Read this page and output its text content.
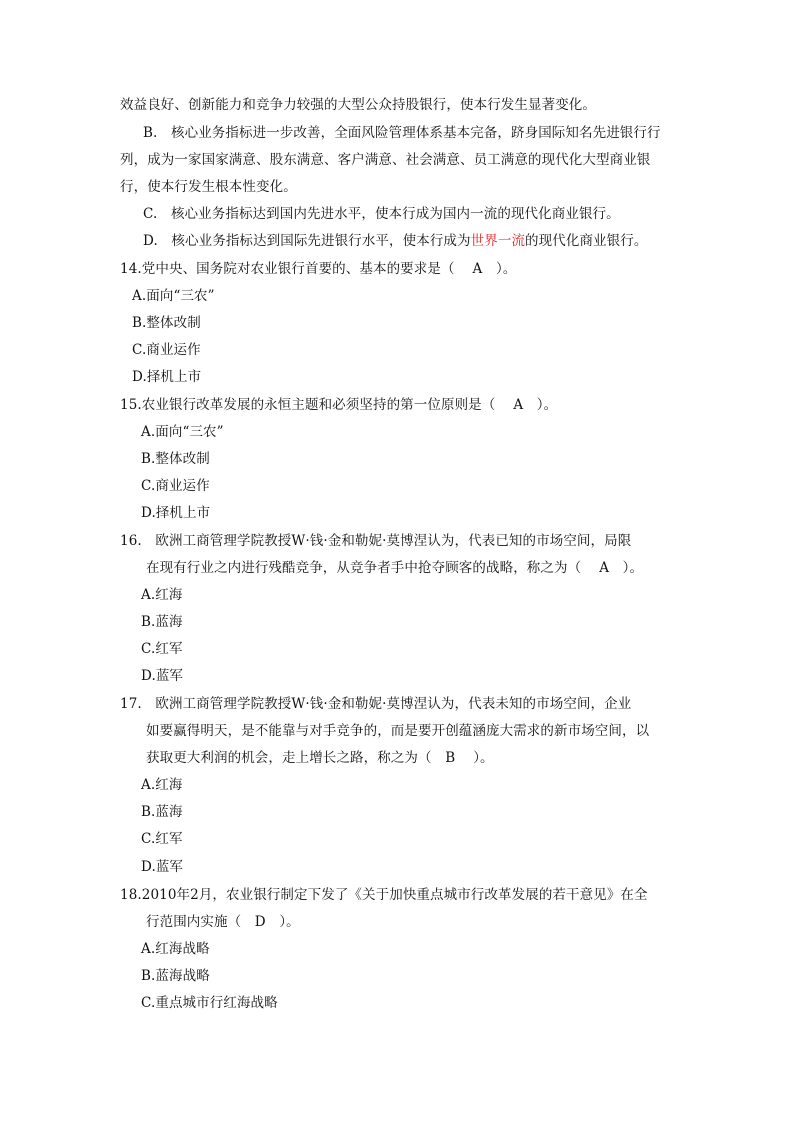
效益良好、创新能力和竞争力较强的大型公众持股银行，使本行发生显著变化。
B.　核心业务指标进一步改善，全面风险管理体系基本完备，跻身国际知名先进银行行
列，成为一家国家满意、股东满意、客户满意、社会满意、员工满意的现代化大型商业银
行，使本行发生根本性变化。
C.　核心业务指标达到国内先进水平，使本行成为国内一流的现代化商业银行。
D.　核心业务指标达到国际先进银行水平，使本行成为世界一流的现代化商业银行。
14.党中央、国务院对农业银行首要的、基本的要求是（　 A　）。
A.面向“三农”
B.整体改制
C.商业运作
D.择机上市
15.农业银行改革发展的永恒主题和必须坚持的第一位原则是（　 A　）。
A.面向“三农”
B.整体改制
C.商业运作
D.择机上市
16.　欧洲工商管理学院教授W·钱·金和勒妮·莫博涅认为，代表已知的市场空间，局限
在现有行业之内进行残酷竞争，从竞争者手中抢夺顾客的战略，称之为（　 A　）。
A.红海
B.蓝海
C.红军
D.蓝军
17.　欧洲工商管理学院教授W·钱·金和勒妮·莫博涅认为，代表未知的市场空间，企业
如要赢得明天，是不能靠与对手竞争的，而是要开创蕴涵庞大需求的新市场空间，以
获取更大利润的机会，走上增长之路，称之为（　B　 ）。
A.红海
B.蓝海
C.红军
D.蓝军
18.2010年2月，农业银行制定下发了《关于加快重点城市行改革发展的若干意见》在全
行范围内实施（　D　）。
A.红海战略
B.蓝海战略
C.重点城市行红海战略
